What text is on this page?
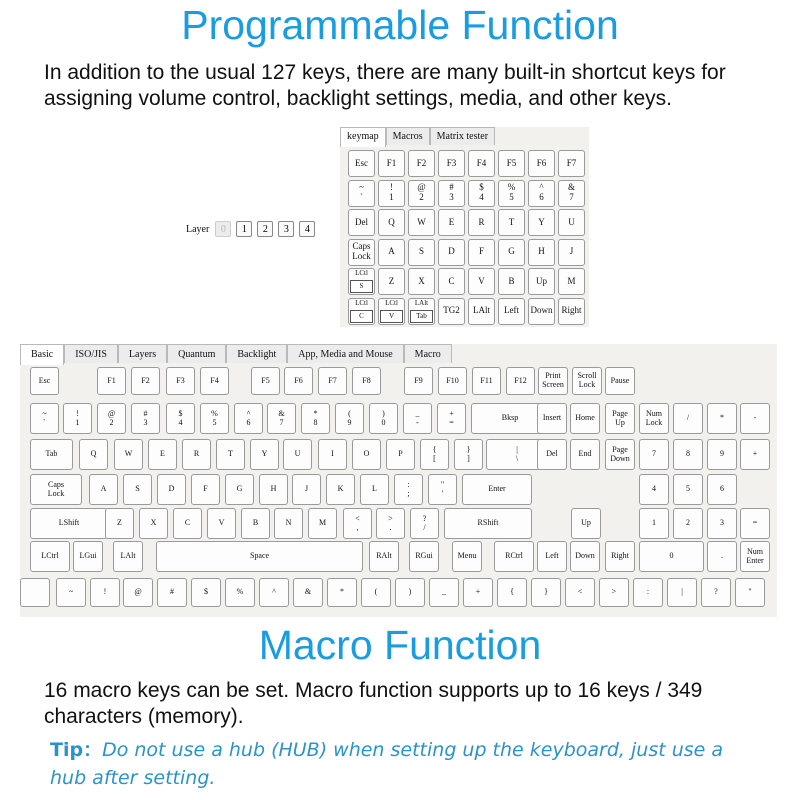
Programmable Function

In addition to the usual 127 keys, there are many built-in shortcut keys for assigning volume control, backlight settings, media, and other keys.

Layer	0	1	2	3	4
keymap	Macros	Matrix tester
Esc	F1	F2	F3	F4	F5	F6	F7
~
`
!
1
@
2
#
3
$
4
%
5
^
6
&
7
Del	Q	W	E	R	T	Y	U
Caps
Lock	A	S	D	F	G	H	J
LCtl
S
Z	X	C	V	B	Up	M
LCtl
C
LCtl
V
LAlt
Tab
TG2	LAlt	Left	Down Right
Basic	ISO/JIS	Layers	Quantum	Backlight	App, Media and Mouse	Macro
Esc	F1	F2	F3	F4	F5	F6	F7	F8	F9	F10	F11	F12	Print
Screen
Scroll
Lock	Pause
~
`
!
1
@
2
#
3
$
4
%
5
^
6
&
7
*
8
(
9
)
0
_
-
+
=	Bksp	Insert	Home	Page
Up
Num
Lock	/	*	-
Tab	Q	W	E	R	T	Y	U	I	O	P	{
[
}
]
|
\	Del	End	Page
Down	7	8	9	+
Caps
Lock	A	S	D	F	G	H	J	K	L	:
;
"
'	Enter	4	5	6
LShift	Z	X	C	V	B	N	M	<
,
>
.
?
/	RShift	Up	1	2	3	=
LCtrl	LGui	LAlt	Space	RAlt	RGui	Menu	RCtrl	Left	Down	Right	0	.	Num
Enter
~	!	@	#	$	%	^	&	*	(	)	_	+	{	}	<	>	:	|	?	"
Macro Function

16 macro keys can be set. Macro function supports up to 16 keys / 349 characters (memory).

Tip：Do not use a hub (HUB) when setting up the keyboard, just use a hub after setting.
